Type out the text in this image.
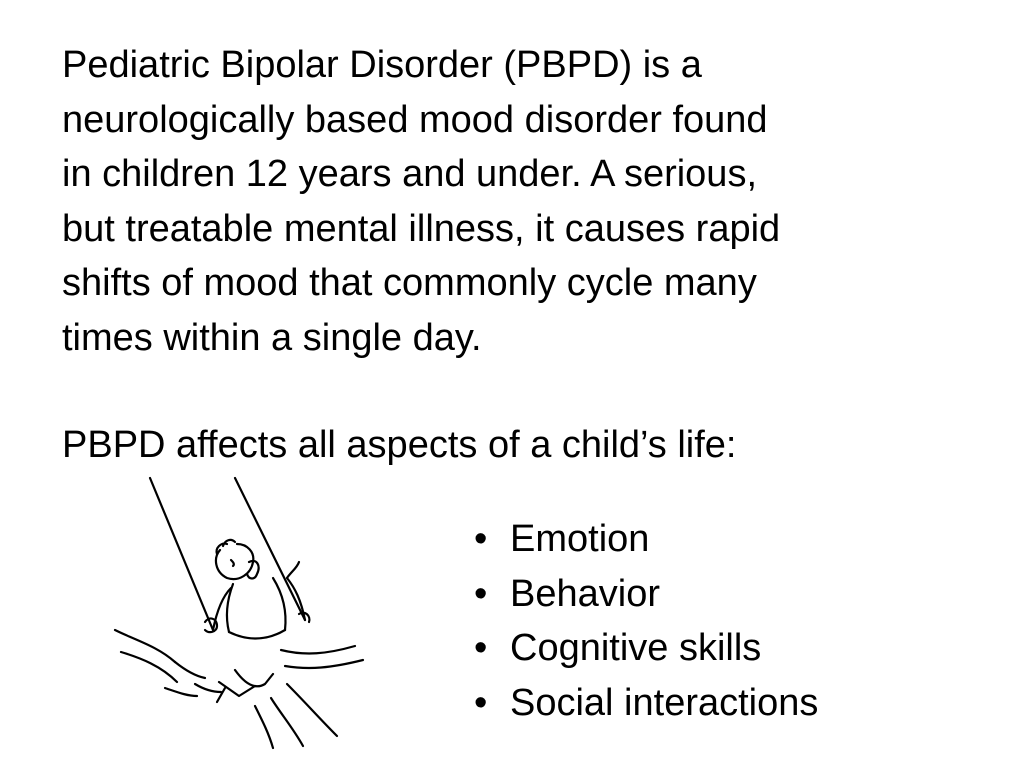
Pediatric Bipolar Disorder (PBPD) is a
neurologically based mood disorder found
in children 12 years and under. A serious,
but treatable mental illness, it causes rapid
shifts of mood that commonly cycle many
times within a single day.

PBPD affects all aspects of a child’s life:

• Emotion
• Behavior
• Cognitive skills
• Social interactions
